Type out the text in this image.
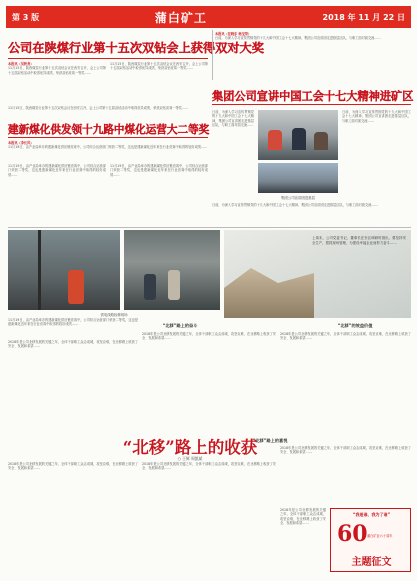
第 3 版	蒲白矿工	2018 年 11 月 22 日
公司在陕煤行业第十五次双钻会上获得双对大奖
本报讯（吴秋育）
11月15日，陕西煤炭行业第十五次双钻会议在西安召开，会上公司第十五届双钻活动中取得优异成绩，荣获双钻竞赛一等奖……
11月15日，陕西煤炭行业第十五次双钻会议在西安召开，会上公司第十五届双钻活动中取得优异成绩，荣获双钻竞赛一等奖……
本报讯（任晓东 杨宝荣）
日前，为深入学习宣传贯彻党的十九大和中国工会十七大精神，集团公司宣讲团走进基层区队，与职工面对面交流……
集团公司宣讲中国工会十七大精神进矿区
日前，为深入学习宣传贯彻党的十九大和中国工会十七大精神，集团公司宣讲团走进基层区队，与职工面对面交流……
日前，为深入学习宣传贯彻党的十九大和中国工会十七大精神，集团公司宣讲团走进基层区队，与职工面对面交流……
集团公司宣讲团进基层
日前，为深入学习宣传贯彻党的十九大和中国工会十七大精神，集团公司宣讲团走进基层区队，与职工面对面交流……
11月15日，陕西煤炭行业第十五次双钻会议在西安召开，会上公司第十五届双钻活动中取得优异成绩，荣获双钻竞赛一等奖……
建新煤化供发领十九路中煤化运营大二等奖
本报讯（李长风）
11月19日，由产业局举办的建新煤化供应链竞赛中，公司综合运营部门荣获二等奖，这也是建新煤化近年来在行业竞赛中取得的较好成绩……
11月19日，由产业局举办的建新煤化供应链竞赛中，公司综合运营部门荣获二等奖，这也是建新煤化近年来在行业竞赛中取得的较好成绩……
11月19日，由产业局举办的建新煤化供应链竞赛中，公司综合运营部门荣获二等奖，这也是建新煤化近年来在行业竞赛中取得的较好成绩……
供电线路检修现场
上周末，公司党委书记、董事长在东区调研时指出，要坚持安全生产，狠抓现场管理，为建设幸福企业而努力奋斗……
11月19日，由产业局举办的建新煤化供应链竞赛中，公司综合运营部门荣获二等奖，这也是建新煤化近年来在行业竞赛中取得的较好成绩……	“北移”路上的奋斗	“北移”的效益价值
2018年是公司北移发展的关键之年，全体干部职工众志成城，攻坚克难，在北移路上收获了安全、发展和希望……
2018年是公司北移发展的关键之年，全体干部职工众志成城，攻坚克难，在北移路上收获了安全、发展和希望……
2018年是公司北移发展的关键之年，全体干部职工众志成城，攻坚克难，在北移路上收获了安全、发展和希望……
“北移”路上的收获
○ 王辉 周凯斌
“北移”路上的喜悦
2018年是公司北移发展的关键之年，全体干部职工众志成城，攻坚克难，在北移路上收获了安全、发展和希望……
2018年是公司北移发展的关键之年，全体干部职工众志成城，攻坚克难，在北移路上收获了安全、发展和希望……
2018年是公司北移发展的关键之年，全体干部职工众志成城，攻坚克难，在北移路上收获了安全、发展和希望……
“我是谁、我为了谁”
60 蒲白矿业六十周年
主题征文
2018年是公司北移发展的关键之年，全体干部职工众志成城，攻坚克难，在北移路上收获了安全、发展和希望……
